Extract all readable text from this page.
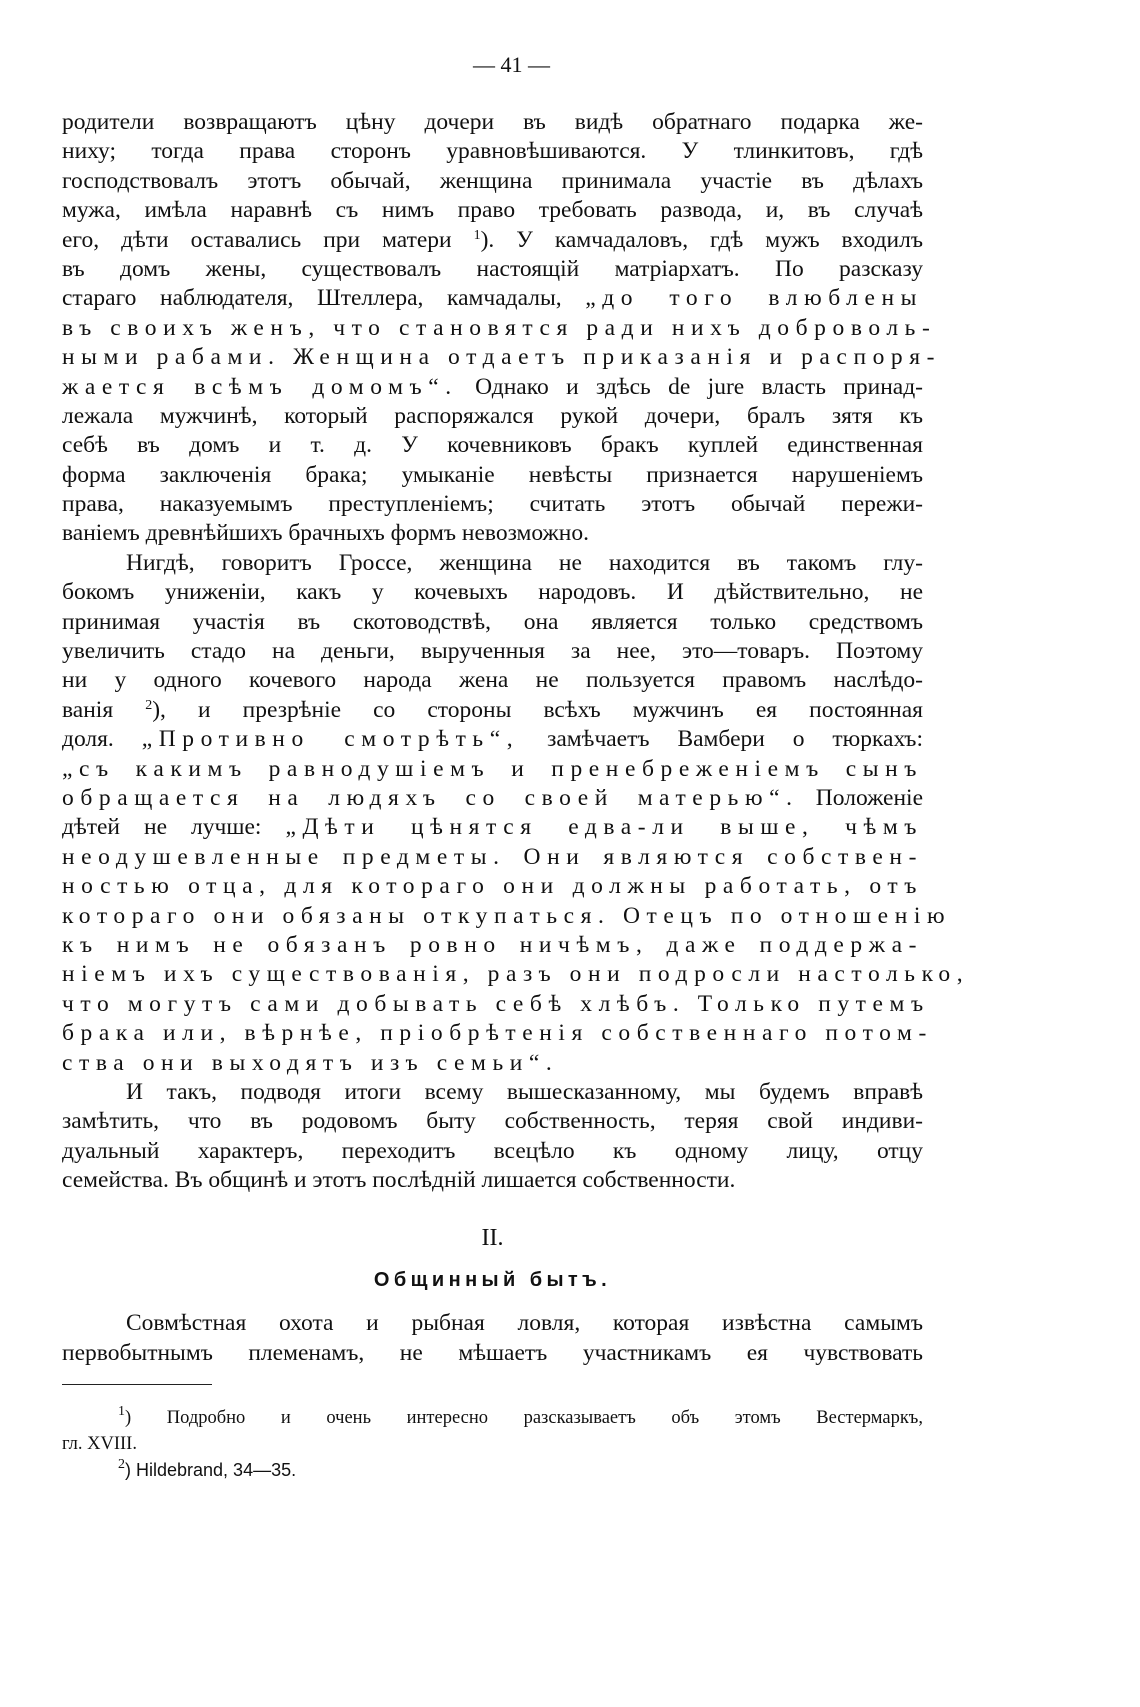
— 41 —
родители возвращаютъ цѣну дочери въ видѣ обратнаго подарка же-
ниху; тогда права сторонъ уравновѣшиваются. У тлинкитовъ, гдѣ
господствовалъ этотъ обычай, женщина принимала участіе въ дѣлахъ
мужа, имѣла наравнѣ съ нимъ право требовать развода, и, въ случаѣ
его, дѣти оставались при матери $^1$). У камчадаловъ, гдѣ мужъ входилъ
въ домъ жены, существовалъ настоящій матріархатъ. По разсказу
стараго наблюдателя, Штеллера, камчадалы, „до того влюблены
въ своихъ женъ, что становятся ради нихъ доброволь-
ными рабами. Женщина отдаетъ приказанія и распоря-
жается всѣмъ домомъ“. Однако и здѣсь de jure власть принад-
лежала мужчинѣ, который распоряжался рукой дочери, бралъ зятя къ
себѣ въ домъ и т. д. У кочевниковъ бракъ куплей единственная
форма заключенія брака; умыканіе невѣсты признается нарушеніемъ
права, наказуемымъ преступленіемъ; считать этотъ обычай пережи-
ваніемъ древнѣйшихъ брачныхъ формъ невозможно.
Нигдѣ, говоритъ Гроссе, женщина не находится въ такомъ глу-
бокомъ униженіи, какъ у кочевыхъ народовъ. И дѣйствительно, не
принимая участія въ скотоводствѣ, она является только средствомъ
увеличить стадо на деньги, вырученныя за нее, это—товаръ. Поэтому
ни у одного кочевого народа жена не пользуется правомъ наслѣдо-
ванія $^2$), и презрѣніе со стороны всѣхъ мужчинъ ея постоянная
доля. „Противно смотрѣть“, замѣчаетъ Вамбери о тюркахъ:
„съ какимъ равнодушіемъ и пренебреженіемъ сынъ
обращается на людяхъ со своей матерью“. Положеніе
дѣтей не лучше: „Дѣти цѣнятся едва-ли выше, чѣмъ
неодушевленные предметы. Они являются собствен-
ностью отца, для котораго они должны работать, отъ
котораго они обязаны откупаться. Отецъ по отношенію
къ нимъ не обязанъ ровно ничѣмъ, даже поддержа-
ніемъ ихъ существованія, разъ они подросли настолько,
что могутъ сами добывать себѣ хлѣбъ. Только путемъ
брака или, вѣрнѣе, пріобрѣтенія собственнаго потом-
ства они выходятъ изъ семьи“.
И такъ, подводя итоги всему вышесказанному, мы будемъ вправѣ
замѣтить, что въ родовомъ быту собственность, теряя свой индиви-
дуальный характеръ, переходитъ всецѣло къ одному лицу, отцу
семейства. Въ общинѣ и этотъ послѣдній лишается собственности.
II.
Общинный бытъ.
Совмѣстная охота и рыбная ловля, которая извѣстна самымъ
первобытнымъ племенамъ, не мѣшаетъ участникамъ ея чувствовать
$^1$) Подробно и очень интересно разсказываетъ объ этомъ Вестермаркъ,
гл. XVIII.
$^2$) Hildebrand, 34—35.
